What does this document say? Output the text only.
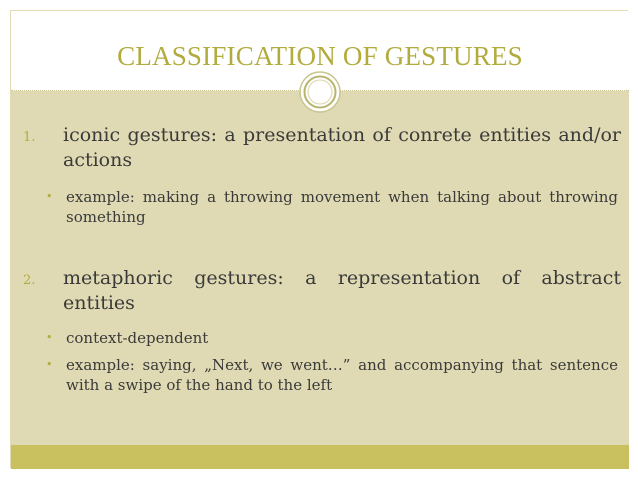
CLASSIFICATION OF GESTURES
1. iconic gestures: a presentation of conrete entities and/or actions
• example: making a throwing movement when talking about throwing something
2. metaphoric gestures: a representation of abstract entities
• context-dependent
• example: saying, „Next, we went…” and accompanying that sentence with a swipe of the hand to the left
